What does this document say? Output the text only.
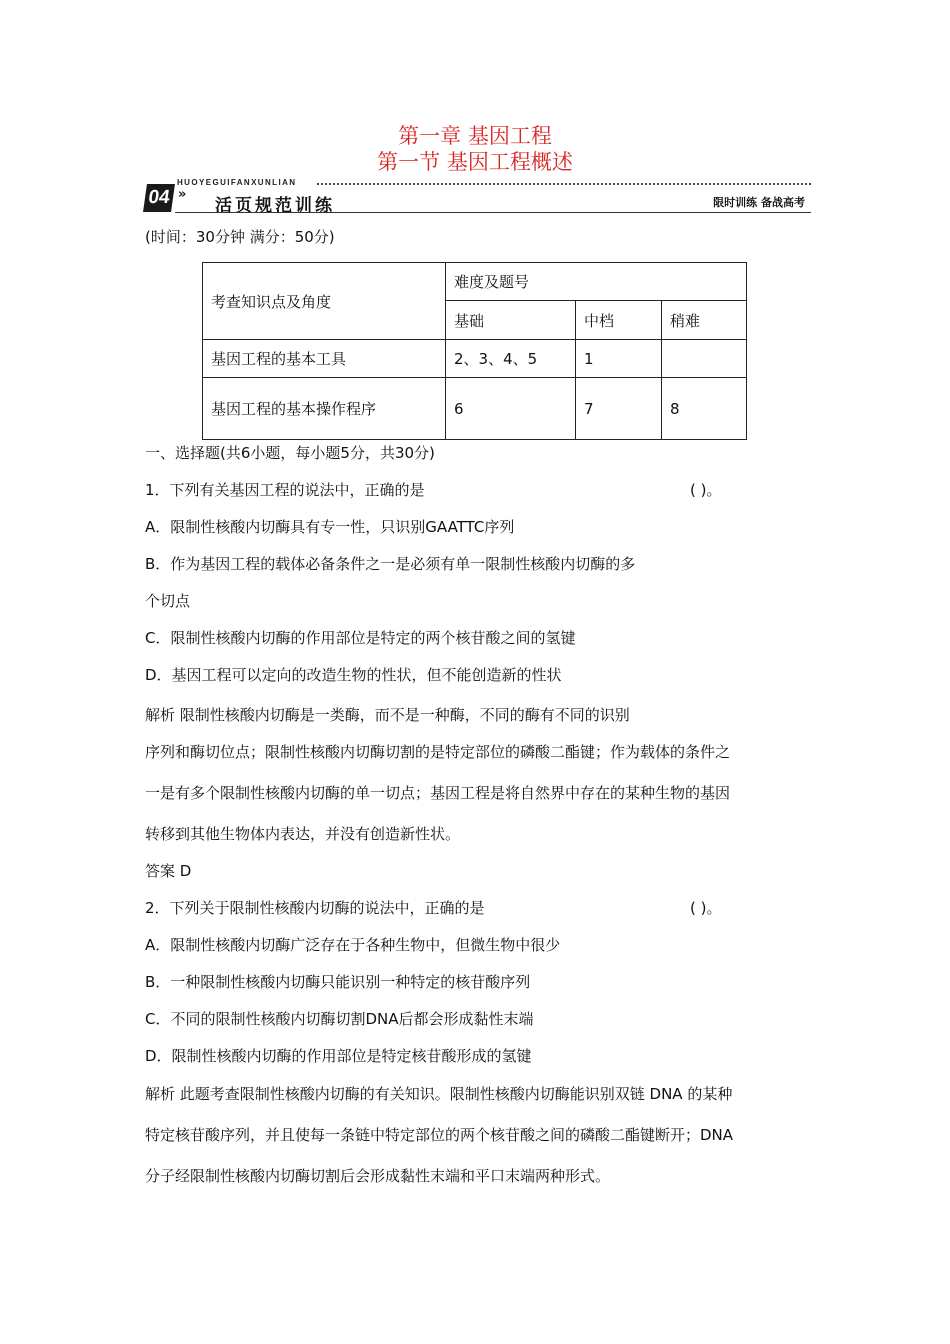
第一章 基因工程
第一节 基因工程概述
04 »
HUOYEGUIFANXUNLIAN
活页规范训练	限时训练 备战高考
(时间：30分钟 满分：50分)
考查知识点及角度	难度及题号		
	基础	中档	稍难
基因工程的基本工具	2、3、4、5	1	
基因工程的基本操作程序	6	7	8
一、选择题(共6小题，每小题5分，共30分)
1．下列有关基因工程的说法中，正确的是	( )。
A．限制性核酸内切酶具有专一性，只识别GAATTC序列
B．作为基因工程的载体必备条件之一是必须有单一限制性核酸内切酶的多
个切点
C．限制性核酸内切酶的作用部位是特定的两个核苷酸之间的氢键
D．基因工程可以定向的改造生物的性状，但不能创造新的性状
解析 限制性核酸内切酶是一类酶，而不是一种酶，不同的酶有不同的识别
序列和酶切位点；限制性核酸内切酶切割的是特定部位的磷酸二酯键；作为载体的条件之
一是有多个限制性核酸内切酶的单一切点；基因工程是将自然界中存在的某种生物的基因
转移到其他生物体内表达，并没有创造新性状。
答案 D
2．下列关于限制性核酸内切酶的说法中，正确的是	( )。
A．限制性核酸内切酶广泛存在于各种生物中，但微生物中很少
B．一种限制性核酸内切酶只能识别一种特定的核苷酸序列
C．不同的限制性核酸内切酶切割DNA后都会形成黏性末端
D．限制性核酸内切酶的作用部位是特定核苷酸形成的氢键
解析 此题考查限制性核酸内切酶的有关知识。限制性核酸内切酶能识别双链 DNA 的某种
特定核苷酸序列，并且使每一条链中特定部位的两个核苷酸之间的磷酸二酯键断开；DNA
分子经限制性核酸内切酶切割后会形成黏性末端和平口末端两种形式。
